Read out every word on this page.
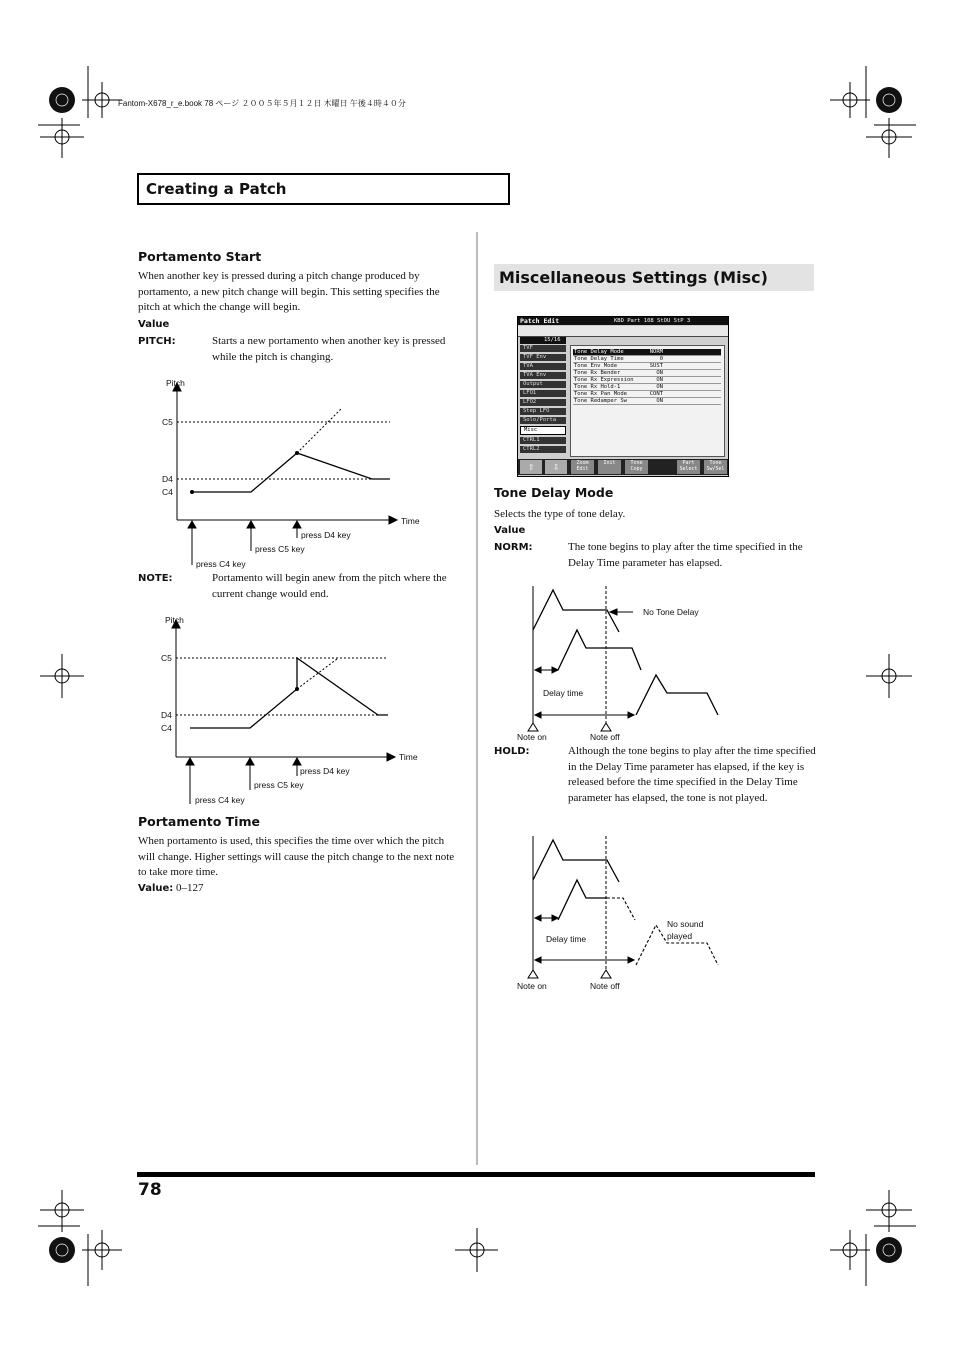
Fantom-X678_r_e.book 78 ページ ２００５年５月１２日 木曜日 午後４時４０分
Creating a Patch
Portamento Start
When another key is pressed during a pitch change produced by portamento, a new pitch change will begin. This setting specifies the pitch at which the change will begin.
Value
PITCH:	Starts a new portamento when another key is pressed while the pitch is changing.
Pitch
C5
D4
C4
Time
press D4 key
press C5 key
press C4 key
NOTE:	Portamento will begin anew from the pitch where the current change would end.
Pitch
C5
D4
C4
Time
press D4 key
press C5 key
press C4 key
Portamento Time
When portamento is used, this specifies the time over which the pitch will change. Higher settings will cause the pitch change to the next note to take more time.
Value: 0–127
Miscellaneous Settings (Misc)
Patch Edit	KBD Part 108 StOU StP 3
15/16
TVF
TVF Env
TVA
TVA Env
Output
LFO1
LFO2
Step LFO
Solo/Porta
Misc
CTRL1
CTRL2
Tone Delay Mode	NORM
Tone Delay Time	0
Tone Env Mode	SUST
Tone Rx Bender	ON
Tone Rx Expression	ON
Tone Rx Hold-1	ON
Tone Rx Pan Mode	CONT
Tone Redamper Sw	ON
⇧	⇩	Zoom Edit
Init	Tone Copy
Part Select
Tone Sw/Sel
Tone Delay Mode
Selects the type of tone delay.
Value
NORM:	The tone begins to play after the time specified in the Delay Time parameter has elapsed.
No Tone Delay
Delay time
Note on	Note off
HOLD:	Although the tone begins to play after the time specified in the Delay Time parameter has elapsed, if the key is released before the time specified in the Delay Time parameter has elapsed, the tone is not played.
No sound
played
Delay time
Note on	Note off
78
